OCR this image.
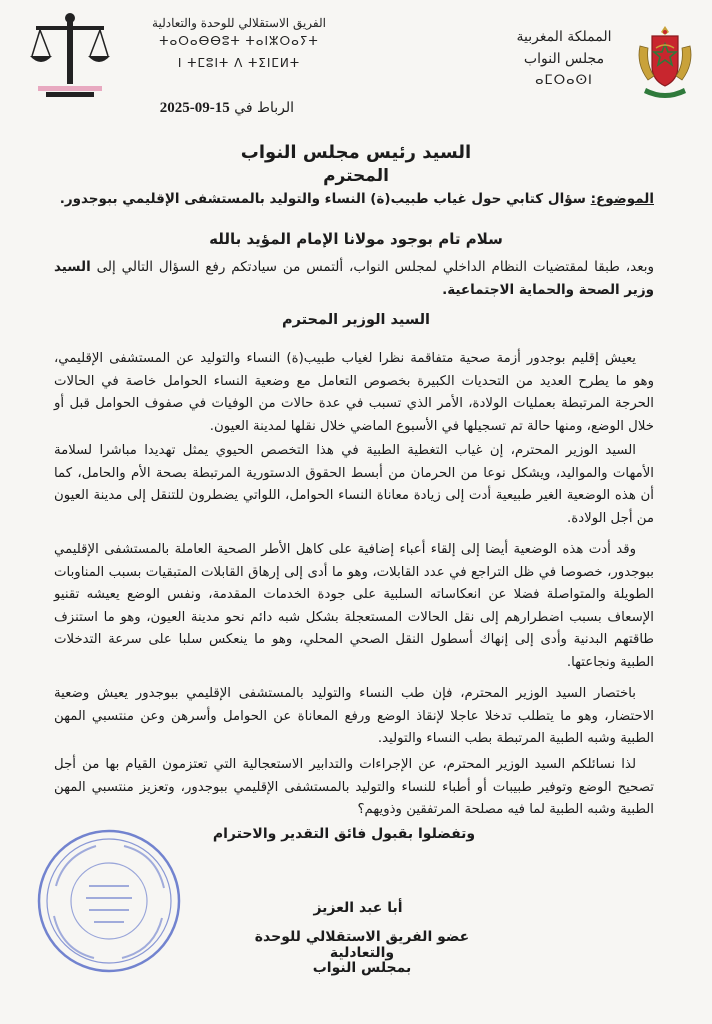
المملكة المغربية
مجلس النواب
ⴰⵎⵔⴰⵙⵏ
الفريق الاستقلالي للوحدة والتعادلية
ⵜⴰⵔⴰⴱⴱⵓⵜ ⵜⴰⵏⵣⵔⴰⵢⵜ
ⵏ ⵜⵎⵓⵏⵜ ⴷ ⵜⵉⵏⵎⵍⵜ
الرباط في 2025-09-15
السيد رئيس مجلس النواب
المحترم
الموضوع: سؤال كتابي حول غياب طبيب(ة) النساء والتوليد بالمستشفى الإقليمي ببوجدور.
سلام تام بوجود مولانا الإمام المؤيد بالله
وبعد، طبقا لمقتضيات النظام الداخلي لمجلس النواب، ألتمس من سيادتكم رفع السؤال التالي إلى السيد وزير الصحة والحماية الاجتماعية.
السيد الوزير المحترم
يعيش إقليم بوجدور أزمة صحية متفاقمة نظرا لغياب طبيب(ة) النساء والتوليد عن المستشفى الإقليمي، وهو ما يطرح العديد من التحديات الكبيرة بخصوص التعامل مع وضعية النساء الحوامل خاصة في الحالات الحرجة المرتبطة بعمليات الولادة، الأمر الذي تسبب في عدة حالات من الوفيات في صفوف الحوامل قبل أو خلال الوضع، ومنها حالة تم تسجيلها في الأسبوع الماضي خلال نقلها لمدينة العيون.
السيد الوزير المحترم، إن غياب التغطية الطبية في هذا التخصص الحيوي يمثل تهديدا مباشرا لسلامة الأمهات والمواليد، ويشكل نوعا من الحرمان من أبسط الحقوق الدستورية المرتبطة بصحة الأم والحامل، كما أن هذه الوضعية الغير طبيعية أدت إلى زيادة معاناة النساء الحوامل، اللواتي يضطرون للتنقل إلى مدينة العيون من أجل الولادة.
وقد أدت هذه الوضعية أيضا إلى إلقاء أعباء إضافية على كاهل الأطر الصحية العاملة بالمستشفى الإقليمي ببوجدور، خصوصا في ظل التراجع في عدد القابلات، وهو ما أدى إلى إرهاق القابلات المتبقيات بسبب المناوبات الطويلة والمتواصلة فضلا عن انعكاساته السلبية على جودة الخدمات المقدمة، ونفس الوضع يعيشه تقنيو الإسعاف بسبب اضطرارهم إلى نقل الحالات المستعجلة بشكل شبه دائم نحو مدينة العيون، وهو ما استنزف طاقتهم البدنية وأدى إلى إنهاك أسطول النقل الصحي المحلي، وهو ما ينعكس سلبا على سرعة التدخلات الطبية ونجاعتها.
باختصار السيد الوزير المحترم، فإن طب النساء والتوليد بالمستشفى الإقليمي ببوجدور يعيش وضعية الاحتضار، وهو ما يتطلب تدخلا عاجلا لإنقاذ الوضع ورفع المعاناة عن الحوامل وأسرهن وعن منتسبي المهن الطبية وشبه الطبية المرتبطة بطب النساء والتوليد.
لذا نسائلكم السيد الوزير المحترم، عن الإجراءات والتدابير الاستعجالية التي تعتزمون القيام بها من أجل تصحيح الوضع وتوفير طبيبات أو أطباء للنساء والتوليد بالمستشفى الإقليمي ببوجدور، وتعزيز منتسبي المهن الطبية وشبه الطبية لما فيه مصلحة المرتفقين وذويهم؟
وتفضلوا بقبول فائق التقدير والاحترام
أبا عبد العزيز
عضو الفريق الاستقلالي للوحدة والتعادلية
بمجلس النواب
